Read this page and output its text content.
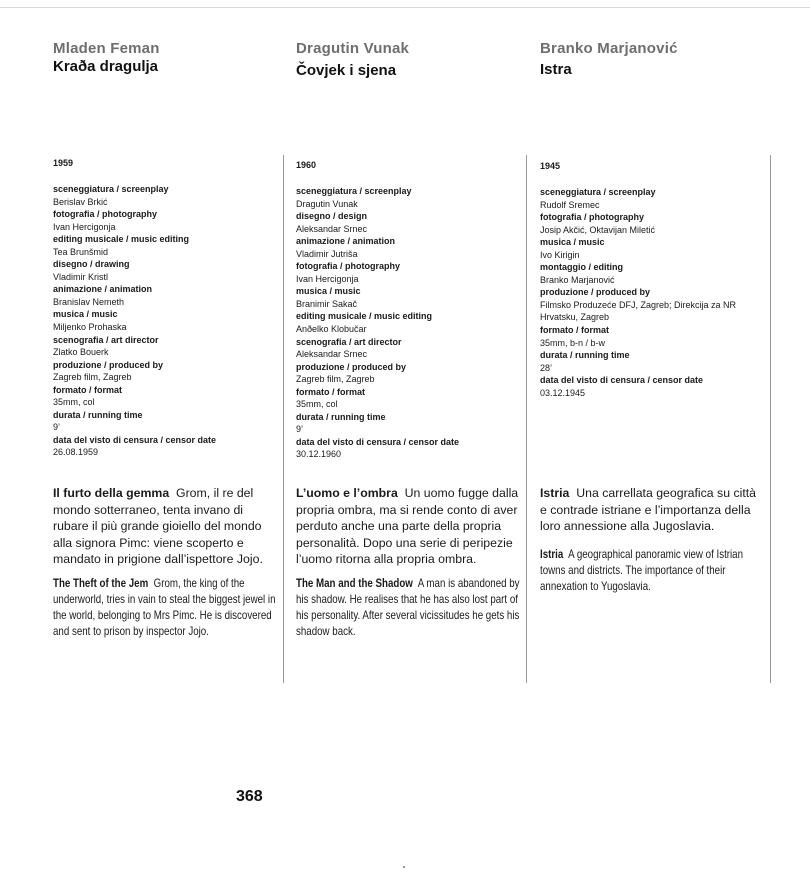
Mladen Feman
Kraða dragulja
1959
sceneggiatura / screenplay
Berislav Brkić
fotografia / photography
Ivan Hercigonja
editing musicale / music editing
Tea Brunšmid
disegno / drawing
Vladimir Kristl
animazione / animation
Branislav Nemeth
musica / music
Miljenko Prohaska
scenografia / art director
Zlatko Bouerk
produzione / produced by
Zagreb film, Zagreb
formato / format
35mm, col
durata / running time
9’
data del visto di censura / censor date
26.08.1959
Il furto della gemma Grom, il re del mondo sotterraneo, tenta invano di rubare il più grande gioiello del mondo alla signora Pimc: viene scoperto e mandato in prigione dall’ispettore Jojo.
The Theft of the Jem Grom, the king of the underworld, tries in vain to steal the biggest jewel in the world, belonging to Mrs Pimc. He is discovered and sent to prison by inspector Jojo.
Dragutin Vunak
Čovjek i sjena
1960
sceneggiatura / screenplay
Dragutin Vunak
disegno / design
Aleksandar Srnec
animazione / animation
Vladimir Jutriša
fotografia / photography
Ivan Hercigonja
musica / music
Branimir Sakač
editing musicale / music editing
Anðelko Klobučar
scenografia / art director
Aleksandar Srnec
produzione / produced by
Zagreb film, Zagreb
formato / format
35mm, col
durata / running time
9’
data del visto di censura / censor date
30.12.1960
L’uomo e l’ombra Un uomo fugge dalla propria ombra, ma si rende conto di aver perduto anche una parte della propria personalità. Dopo una serie di peripezie l’uomo ritorna alla propria ombra.
The Man and the Shadow A man is abandoned by his shadow. He realises that he has also lost part of his personality. After several vicissitudes he gets his shadow back.
Branko Marjanović
Istra
1945
sceneggiatura / screenplay
Rudolf Sremec
fotografia / photography
Josip Akčić, Oktavijan Miletić
musica / music
Ivo Kirigin
montaggio / editing
Branko Marjanović
produzione / produced by
Filmsko Produzeće DFJ, Zagreb; Direkcija za NR Hrvatsku, Zagreb
formato / format
35mm, b-n / b-w
durata / running time
28’
data del visto di censura / censor date
03.12.1945
Istria Una carrellata geografica su città e contrade istriane e l’importanza della loro annessione alla Jugoslavia.
Istria A geographical panoramic view of Istrian towns and districts. The importance of their annexation to Yugoslavia.
368
